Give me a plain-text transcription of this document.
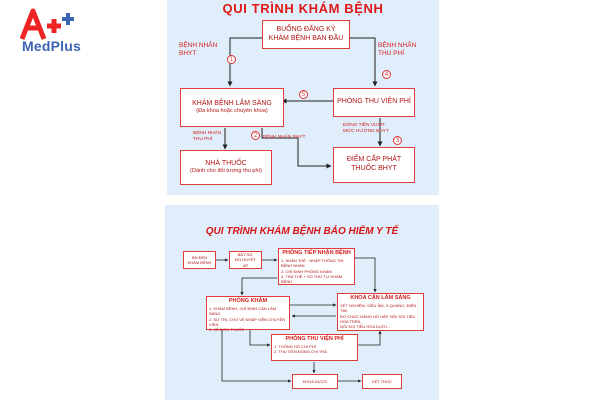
MedPlus
QUI TRÌNH KHÁM BỆNH
BUỔNG ĐĂNG KÝ
KHÁM BỆNH BAN ĐẦU
KHÁM BỆNH LÂM SÀNG
(Đa khoa hoặc chuyên khoa)
PHÒNG THU VIỆN PHÍ
NHÀ THUỐC
(Dành cho đối tượng thu phí)
ĐIỂM CẤP PHÁT
THUỐC BHYT
BỆNH NHÂN
BHYT
BỆNH NHÂN
THU PHÍ
BỆNH NHÂN
THU PHÍ	BỆNH NHÂN BHYT
ĐÓNG TIỀN VƯỢT
MỨC HƯỞNG BHYT
1
2
3
4
5
QUI TRÌNH KHÁM BỆNH BẢO HIỂM Y TẾ
BN ĐẾN
KHÁM BỆNH
BẮT SỐ,
ĐO HUYẾT ÁP
PHÒNG TIẾP NHẬN BỆNH
1. NHẬN THẺ - NHẬP THÔNG TIN BỆNH NHÂN
2. CHỈ ĐỊNH PHÒNG KHÁM
3. TRẢ THẺ + SỐ THỨ TỰ KHÁM BỆNH
PHÒNG KHÁM
1. KHÁM BỆNH, CHỈ ĐỊNH CẬN LÂM SÀNG
2. SỬ TRỊ, CHO VỀ NHẬP VIỆN CHUYÊN VIỆN
3. KÊ ĐƠN THUỐC
KHOA CẬN LÂM SÀNG
XÉT NGHIỆM, SIÊU ÂM, X-QUANG, ĐIỆN TIM,
ĐO CHỨC NĂNG HÔ HẤP, NỘI SOI TIÊU HÓA TRÊN,
NỘI SOI TIÊU HÓA DƯỚI...
PHÒNG THU VIỆN PHÍ
1. THÔNG HỒ CHI PHÍ
2. THU TIỀN ĐỒNG CHI TRẢ
KHOA DƯỢC	KẾT THÚC
